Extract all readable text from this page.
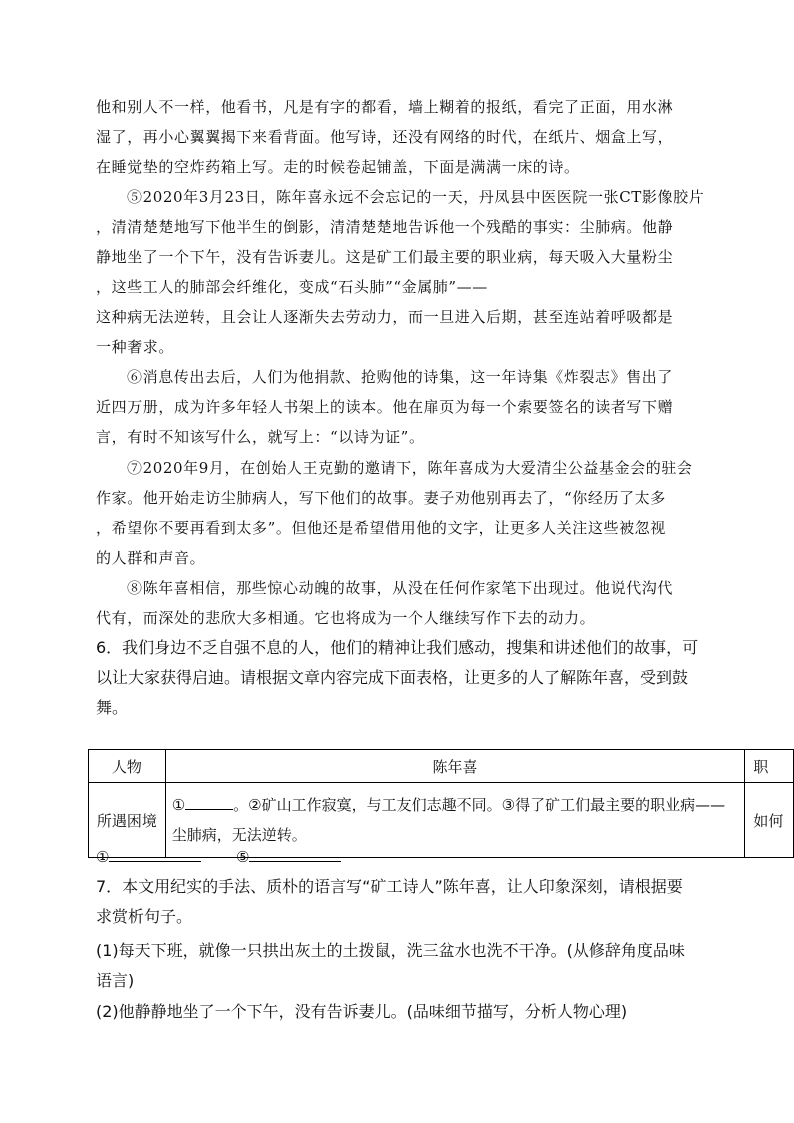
他和别人不一样，他看书，凡是有字的都看，墙上糊着的报纸，看完了正面，用水淋
湿了，再小心翼翼揭下来看背面。他写诗，还没有网络的时代，在纸片、烟盒上写，
在睡觉垫的空炸药箱上写。走的时候卷起铺盖，下面是满满一床的诗。
⑤2020年3月23日，陈年喜永远不会忘记的一天，丹凤县中医医院一张CT影像胶片
，清清楚楚地写下他半生的倒影，清清楚楚地告诉他一个残酷的事实：尘肺病。他静
静地坐了一个下午，没有告诉妻儿。这是矿工们最主要的职业病，每天吸入大量粉尘
，这些工人的肺部会纤维化，变成“石头肺”“金属肺”——
这种病无法逆转，且会让人逐渐失去劳动力，而一旦进入后期，甚至连站着呼吸都是
一种奢求。
⑥消息传出去后，人们为他捐款、抢购他的诗集，这一年诗集《炸裂志》售出了
近四万册，成为许多年轻人书架上的读本。他在扉页为每一个索要签名的读者写下赠
言，有时不知该写什么，就写上：“以诗为证”。
⑦2020年9月，在创始人王克勤的邀请下，陈年喜成为大爱清尘公益基金会的驻会
作家。他开始走访尘肺病人，写下他们的故事。妻子劝他别再去了，“你经历了太多
，希望你不要再看到太多”。但他还是希望借用他的文字，让更多人关注这些被忽视
的人群和声音。
⑧陈年喜相信，那些惊心动魄的故事，从没在任何作家笔下出现过。他说代沟代
代有，而深处的悲欣大多相通。它也将成为一个人继续写作下去的动力。
6．我们身边不乏自强不息的人，他们的精神让我们感动，搜集和讲述他们的故事，可
以让大家获得启迪。请根据文章内容完成下面表格，让更多的人了解陈年喜，受到鼓
舞。
人物	陈年喜	职
所遇困境	① 。②矿山工作寂寞，与工友们志趣不同。③得了矿工们最主要的职业病——尘肺病，无法逆转。	如何
①	⑤
7．本文用纪实的手法、质朴的语言写“矿工诗人”陈年喜，让人印象深刻，请根据要
求赏析句子。
(1)每天下班，就像一只拱出灰土的土拨鼠，洗三盆水也洗不干净。(从修辞角度品味
语言)
(2)他静静地坐了一个下午，没有告诉妻儿。(品味细节描写，分析人物心理)
